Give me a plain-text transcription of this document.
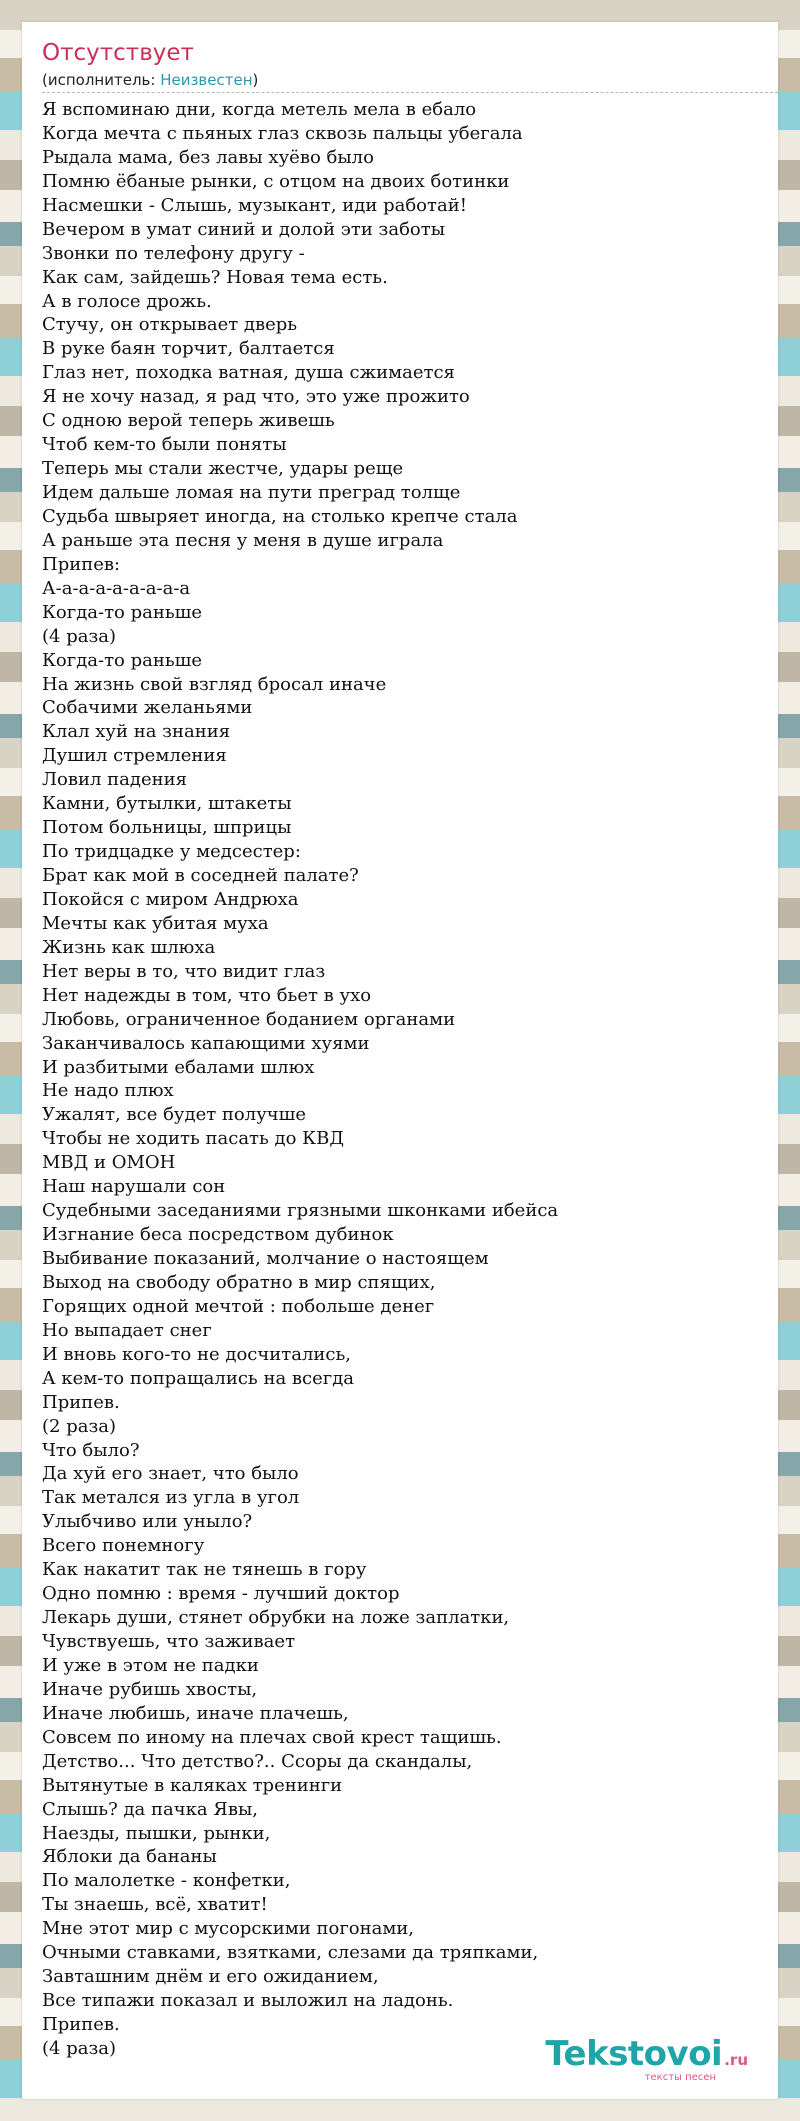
Отсутствует
(исполнитель: Неизвестен)
Я вспоминаю дни, когда метель мела в ебало
Когда мечта с пьяных глаз сквозь пальцы убегала
Рыдала мама, без лавы хуёво было
Помню ёбаные рынки, с отцом на двоих ботинки
Насмешки - Слышь, музыкант, иди работай!
Вечером в умат синий и долой эти заботы
Звонки по телефону другу -
Как сам, зайдешь? Новая тема есть.
А в голосе дрожь.
Стучу, он открывает дверь
В руке баян торчит, балтается
Глаз нет, походка ватная, душа сжимается
Я не хочу назад, я рад что, это уже прожито
С одною верой теперь живешь
Чтоб кем-то были поняты
Теперь мы стали жестче, удары реще
Идем дальше ломая на пути преград толще
Судьба швыряет иногда, на столько крепче стала
А раньше эта песня у меня в душе играла
Припев:
А-а-а-а-а-а-а-а-а
Когда-то раньше
(4 раза)
Когда-то раньше
На жизнь свой взгляд бросал иначе
Собачими желаньями
Клал хуй на знания
Душил стремления
Ловил падения
Камни, бутылки, штакеты
Потом больницы, шприцы
По тридцадке у медсестер:
Брат как мой в соседней палате?
Покойся с миром Андрюха
Мечты как убитая муха
Жизнь как шлюха
Нет веры в то, что видит глаз
Нет надежды в том, что бьет в ухо
Любовь, ограниченное боданием органами
Заканчивалось капающими хуями
И разбитыми ебалами шлюх
Не надо плюх
Ужалят, все будет получше
Чтобы не ходить пасать до КВД
МВД и ОМОН
Наш нарушали сон
Судебными заседаниями грязными шконками ибейса
Изгнание беса посредством дубинок
Выбивание показаний, молчание о настоящем
Выход на свободу обратно в мир спящих,
Горящих одной мечтой : побольше денег
Но выпадает снег
И вновь кого-то не досчитались,
А кем-то попращались на всегда
Припев.
(2 раза)
Что было?
Да хуй его знает, что было
Так метался из угла в угол
Улыбчиво или уныло?
Всего понемногу
Как накатит так не тянешь в гору
Одно помню : время - лучший доктор
Лекарь души, стянет обрубки на ложе заплатки,
Чувствуешь, что заживает
И уже в этом не падки
Иначе рубишь хвосты,
Иначе любишь, иначе плачешь,
Совсем по иному на плечах свой крест тащишь.
Детство... Что детство?.. Ссоры да скандалы,
Вытянутые в каляках тренинги
Слышь? да пачка Явы,
Наезды, пышки, рынки,
Яблоки да бананы
По малолетке - конфетки,
Ты знаешь, всё, хватит!
Мне этот мир с мусорскими погонами,
Очными ставками, взятками, слезами да тряпками,
Завташним днём и его ожиданием,
Все типажи показал и выложил на ладонь.
Припев.
(4 раза)	Tekstovoi .ru
тексты песен
